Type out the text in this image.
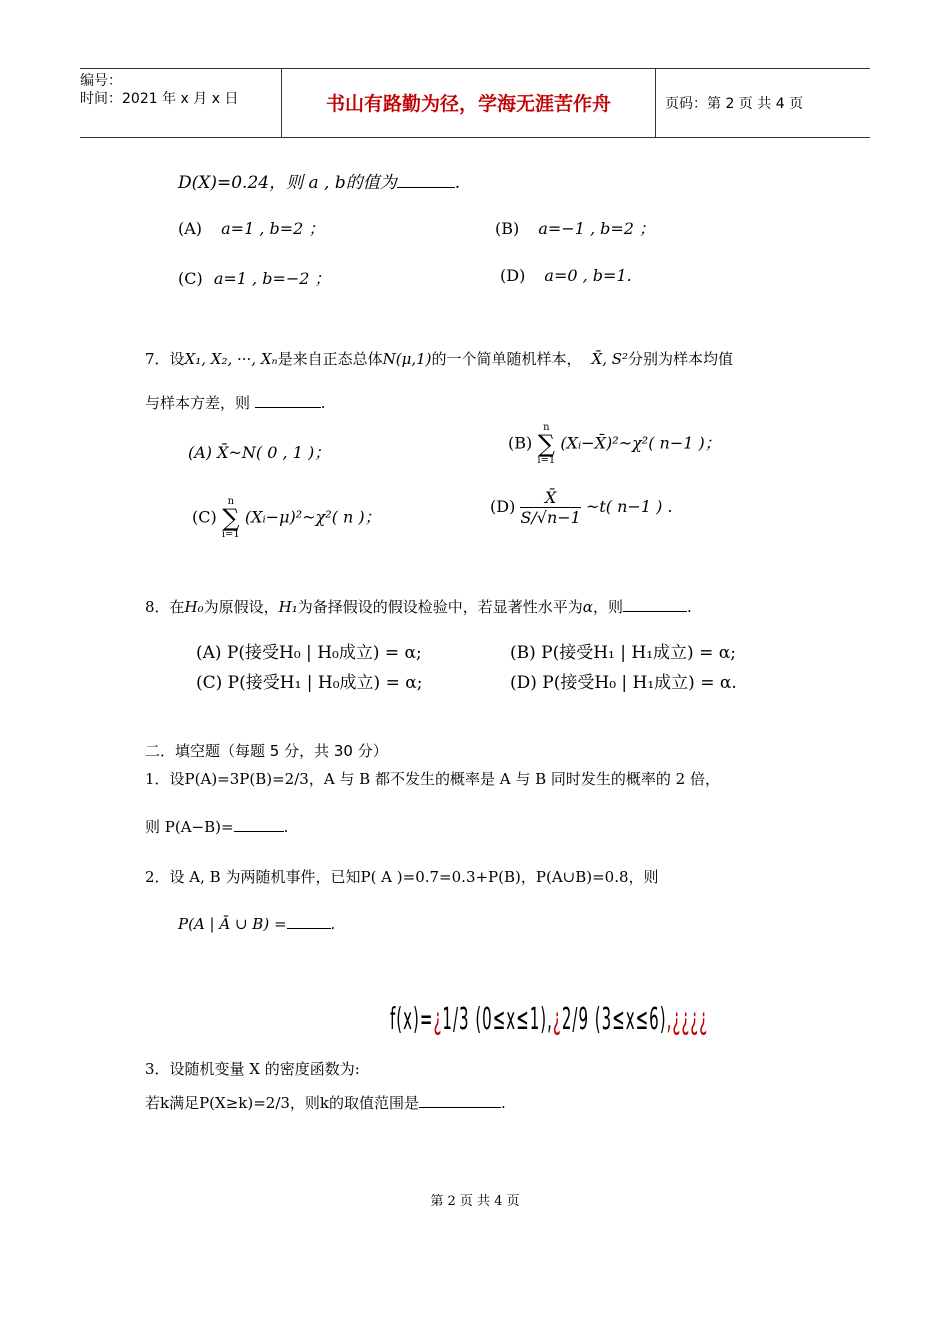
编号：
时间：2021 年 x 月 x 日	书山有路勤为径，学海无涯苦作舟	页码：第 2 页 共 4 页
D(X)=0.24，则 a , b的值为	.
(A) a=1 , b=2 ；	(B) a=−1 , b=2 ；
(C) a=1 , b=−2 ；	(D) a=0 , b=1.
7．设X₁, X₂, ···, Xₙ是来自正态总体N(μ,1)的一个简单随机样本， X̄, S²分别为样本均值
与样本方差，则	.
(A) X̄~N( 0 , 1 )；	(B) n
∑
i=1 (Xᵢ−X̄)²~χ²( n−1 )；
(C) n
∑
i=1 (Xᵢ−μ)²~χ²( n )；
$(D) \frac{X̄}{S/√n-1}$ ~t( n−1 ) .
8．在H₀为原假设，H₁为备择假设的假设检验中，若显著性水平为α，则	.
(A) P(接受H₀ | H₀成立) = α;	(B) P(接受H₁ | H₁成立) = α;
(C) P(接受H₁ | H₀成立) = α;	(D) P(接受H₀ | H₁成立) = α.
二．填空题（每题 5 分，共 30 分）
1．设P(A)=3P(B)=2/3，A 与 B 都不发生的概率是 A 与 B 同时发生的概率的 2 倍，
则 P(A−B)=	.
2．设 A, B 为两随机事件，已知P( A )=0.7=0.3+P(B)，P(A∪B)=0.8，则
P(A | Ā ∪ B) =	.
f(x)=¿1/3 (0≤x≤1),¿2/9 (3≤x≤6),¿¿¿¿
3．设随机变量 X 的密度函数为:
若k满足P(X≥k)=2/3，则k的取值范围是	.
第 2 页 共 4 页
